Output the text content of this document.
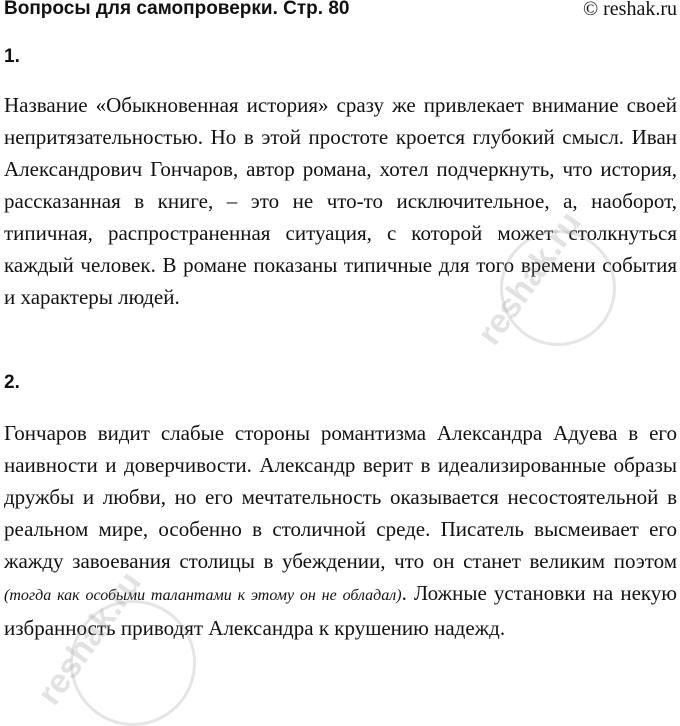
Вопросы для самопроверки. Стр. 80	© reshak.ru
1.
Название «Обыкновенная история» сразу же привлекает внимание своей непритязательностью. Но в этой простоте кроется глубокий смысл. Иван Александрович Гончаров, автор романа, хотел подчеркнуть, что история, рассказанная в книге, – это не что-то исключительное, а, наоборот, типичная, распространенная ситуация, с которой может столкнуться каждый человек. В романе показаны типичные для того времени события и характеры людей.
2.
Гончаров видит слабые стороны романтизма Александра Адуева в его наивности и доверчивости. Александр верит в идеализированные образы дружбы и любви, но его мечтательность оказывается несостоятельной в реальном мире, особенно в столичной среде. Писатель высмеивает его жажду завоевания столицы в убеждении, что он станет великим поэтом (тогда как особыми талантами к этому он не обладал). Ложные установки на некую избранность приводят Александра к крушению надежд.
reshak.ru
reshak.ru
